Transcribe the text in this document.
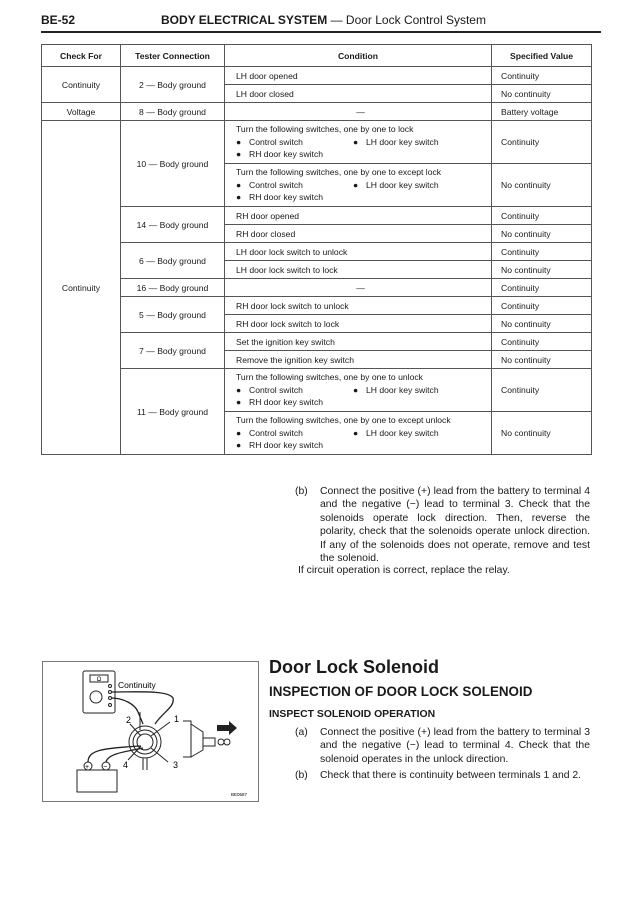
BE-52	BODY ELECTRICAL SYSTEM — Door Lock Control System
Check For	Tester Connection	Condition	Specified Value
Continuity	2 — Body ground	LH door opened	Continuity
		LH door closed	No continuity
Voltage	8 — Body ground	—	Battery voltage
Continuity	10 — Body ground	Turn the following switches, one by one to lock
● Control switch ● LH door key switch
● RH door key switch	Continuity

		Turn the following switches, one by one to except lock
● Control switch ● LH door key switch
● RH door key switch	No continuity
	14 — Body ground	RH door opened	Continuity
		RH door closed	No continuity
	6 — Body ground	LH door lock switch to unlock	Continuity
		LH door lock switch to lock	No continuity
	16 — Body ground	—	Continuity
	5 — Body ground	RH door lock switch to unlock	Continuity
		RH door lock switch to lock	No continuity
	7 — Body ground	Set the ignition key switch	Continuity
		Remove the ignition key switch	No continuity
	11 — Body ground	Turn the following switches, one by one to unlock
● Control switch ● LH door key switch
● RH door key switch	Continuity

		Turn the following switches, one by one to except unlock
● Control switch ● LH door key switch
● RH door key switch	No continuity
(b) Connect the positive (+) lead from the battery to terminal 4 and the negative (−) lead to terminal 3. Check that the solenoids operate lock direction. Then, reverse the polarity, check that the solenoids operate unlock direction. If any of the solenoids does not operate, remove and test the solenoid.
If circuit operation is correct, replace the relay.
Ω Continuity
1
2
3
4
+ −
BE0687
Door Lock Solenoid
INSPECTION OF DOOR LOCK SOLENOID
INSPECT SOLENOID OPERATION
(a) Connect the positive (+) lead from the battery to terminal 3 and the negative (−) lead to terminal 4. Check that the solenoid operates in the unlock direction.
(b) Check that there is continuity between terminals 1 and 2.
